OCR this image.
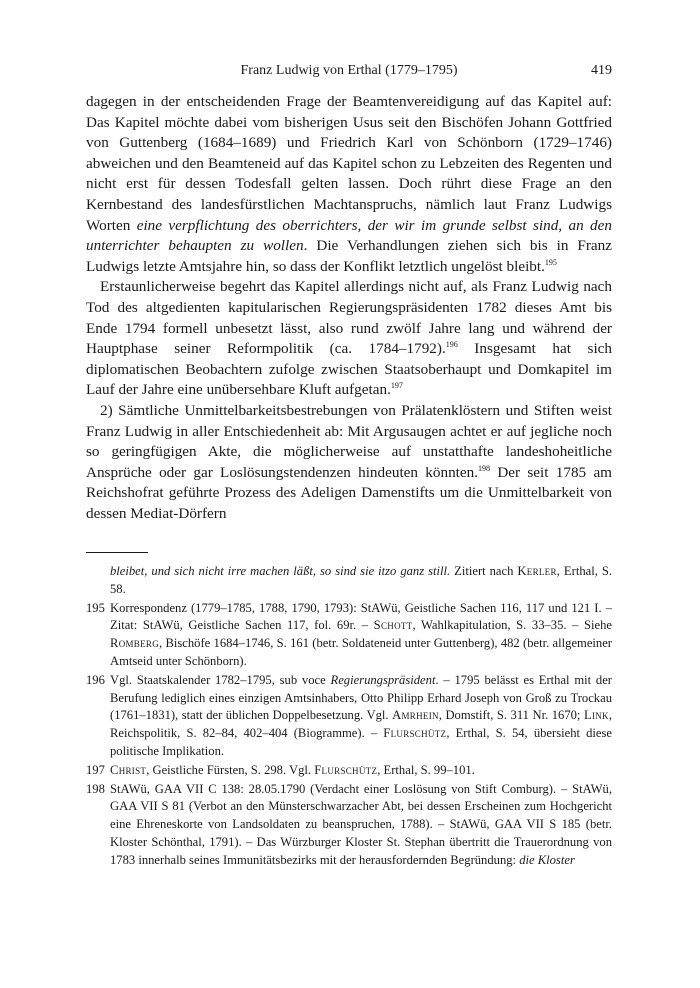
Franz Ludwig von Erthal (1779–1795)	419

dagegen in der entscheidenden Frage der Beamtenvereidigung auf das Kapitel auf: Das Kapitel möchte dabei vom bisherigen Usus seit den Bischöfen Johann Gottfried von Guttenberg (1684–1689) und Friedrich Karl von Schönborn (1729–1746) abweichen und den Beamteneid auf das Kapitel schon zu Lebzeiten des Regenten und nicht erst für dessen Todesfall gelten lassen. Doch rührt diese Frage an den Kernbestand des landesfürstlichen Machtanspruchs, nämlich laut Franz Ludwigs Worten eine verpflichtung des oberrichters, der wir im grunde selbst sind, an den unterrichter behaupten zu wollen. Die Verhandlungen ziehen sich bis in Franz Ludwigs letzte Amtsjahre hin, so dass der Konflikt letztlich ungelöst bleibt.$^{195}$

Erstaunlicherweise begehrt das Kapitel allerdings nicht auf, als Franz Ludwig nach Tod des altgedienten kapitularischen Regierungspräsidenten 1782 dieses Amt bis Ende 1794 formell unbesetzt lässt, also rund zwölf Jahre lang und während der Hauptphase seiner Reformpolitik (ca. 1784–1792).$^{196}$ Insgesamt hat sich diplomatischen Beobachtern zufolge zwischen Staatsoberhaupt und Domkapitel im Lauf der Jahre eine unübersehbare Kluft aufgetan.$^{197}$

2) Sämtliche Unmittelbarkeitsbestrebungen von Prälatenklöstern und Stiften weist Franz Ludwig in aller Entschiedenheit ab: Mit Argusaugen achtet er auf jegliche noch so geringfügigen Akte, die möglicherweise auf unstatthafte landeshoheitliche Ansprüche oder gar Loslösungstendenzen hindeuten könnten.$^{198}$ Der seit 1785 am Reichshofrat geführte Prozess des Adeligen Damenstifts um die Unmittelbarkeit von dessen Mediat-Dörfern

bleibet, und sich nicht irre machen läßt, so sind sie itzo ganz still. Zitiert nach Kerler, Erthal, S. 58.
195 Korrespondenz (1779–1785, 1788, 1790, 1793): StAWü, Geistliche Sachen 116, 117 und 121 I. – Zitat: StAWü, Geistliche Sachen 117, fol. 69r. – Schott, Wahlkapitulation, S. 33–35. – Siehe Romberg, Bischöfe 1684–1746, S. 161 (betr. Soldateneid unter Guttenberg), 482 (betr. allgemeiner Amtseid unter Schönborn).
196 Vgl. Staatskalender 1782–1795, sub voce Regierungspräsident. – 1795 belässt es Erthal mit der Berufung lediglich eines einzigen Amtsinhabers, Otto Philipp Erhard Joseph von Groß zu Trockau (1761–1831), statt der üblichen Doppelbesetzung. Vgl. Amrhein, Domstift, S. 311 Nr. 1670; Link, Reichspolitik, S. 82–84, 402–404 (Biogramme). – Flurschütz, Erthal, S. 54, übersieht diese politische Implikation.
197 Christ, Geistliche Fürsten, S. 298. Vgl. Flurschütz, Erthal, S. 99–101.
198 StAWü, GAA VII C 138: 28.05.1790 (Verdacht einer Loslösung von Stift Comburg). – StAWü, GAA VII S 81 (Verbot an den Münsterschwarzacher Abt, bei dessen Erscheinen zum Hochgericht eine Ehreneskorte von Landsoldaten zu beanspruchen, 1788). – StAWü, GAA VII S 185 (betr. Kloster Schönthal, 1791). – Das Würzburger Kloster St. Stephan übertritt die Trauerordnung von 1783 innerhalb seines Immunitätsbezirks mit der herausfordernden Begründung: die Kloster
